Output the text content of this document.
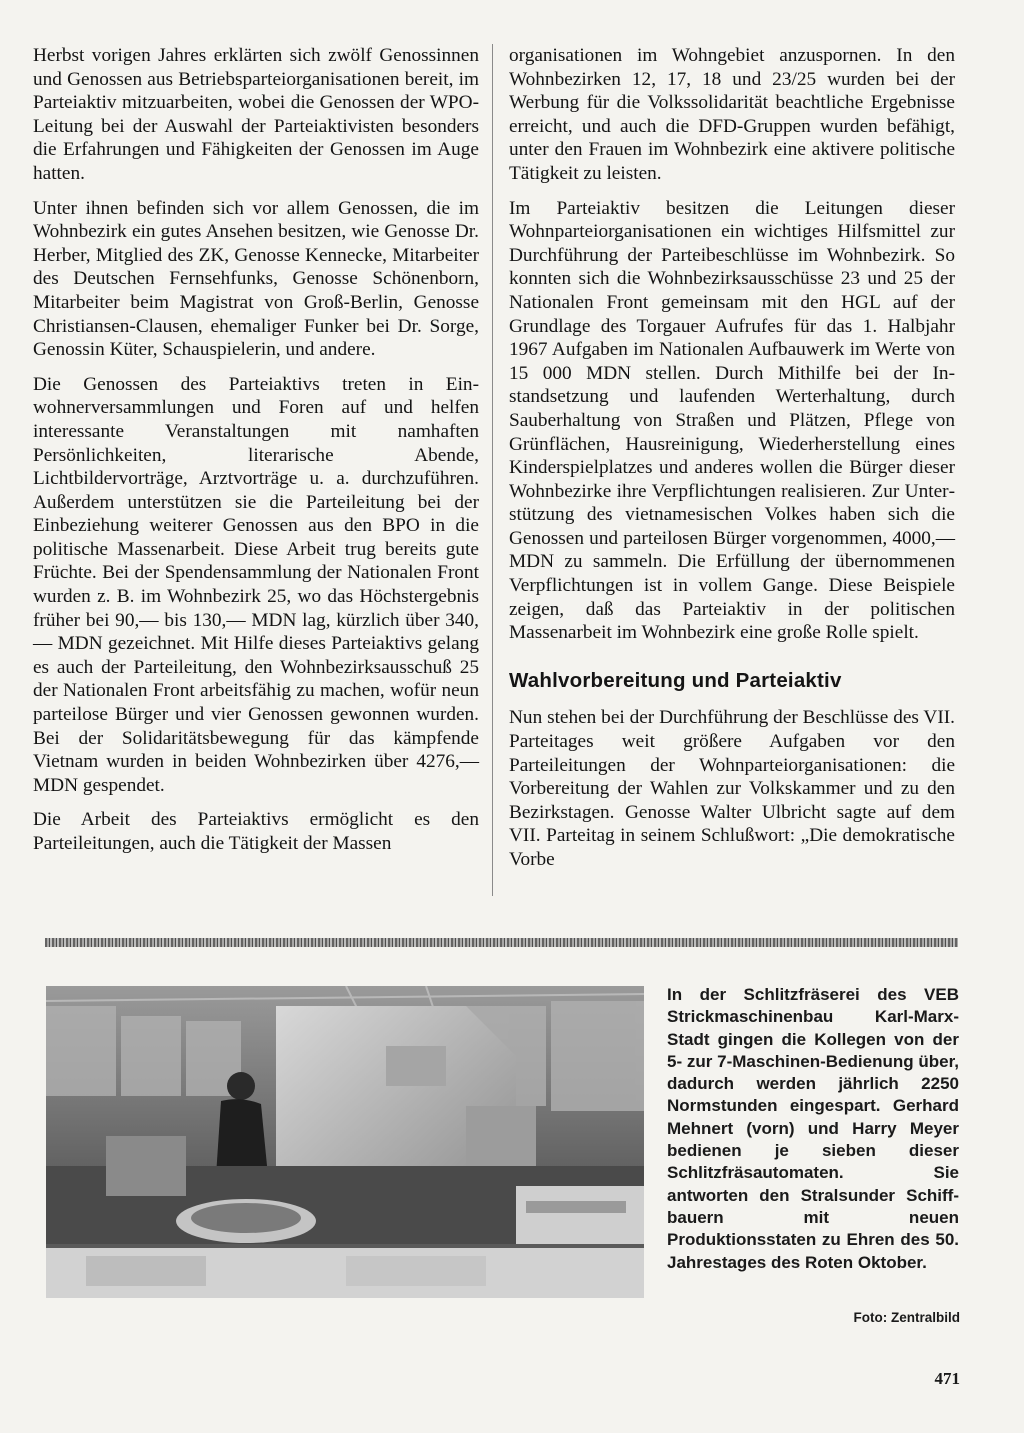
Herbst vorigen Jahres erklärten sich zwölf Genossinnen und Genossen aus Betriebsparteiorganisationen bereit, im Parteiaktiv mitzuarbeiten, wobei die Genossen der WPO-Leitung bei der Auswahl der Parteiaktivisten besonders die Erfahrungen und Fähigkeiten der Genossen im Auge hatten.

Unter ihnen befinden sich vor allem Genossen, die im Wohnbezirk ein gutes Ansehen besitzen, wie Genosse Dr. Herber, Mitglied des ZK, Genosse Kennecke, Mitarbeiter des Deutschen Fernsehfunks, Genosse Schönenborn, Mitarbeiter beim Magistrat von Groß-Berlin, Genosse Christiansen-Clausen, ehemaliger Funker bei Dr. Sorge, Genossin Küter, Schauspielerin, und andere.

Die Genossen des Parteiaktivs treten in Einwohnerversammlungen und Foren auf und helfen interessante Veranstaltungen mit namhaften Persönlichkeiten, literarische Abende, Lichtbildervorträge, Arztvorträge u. a. durchzuführen. Außerdem unterstützen sie die Parteileitung bei der Einbeziehung weiterer Genossen aus den BPO in die politische Massenarbeit. Diese Arbeit trug bereits gute Früchte. Bei der Spendensammlung der Nationalen Front wurden z. B. im Wohnbezirk 25, wo das Höchstergebnis früher bei 90,— bis 130,— MDN lag, kürzlich über 340,— MDN gezeichnet. Mit Hilfe dieses Parteiaktivs gelang es auch der Parteileitung, den Wohnbezirksausschuß 25 der Nationalen Front arbeitsfähig zu machen, wofür neun parteilose Bürger und vier Genossen gewonnen wurden. Bei der Solidaritätsbewegung für das kämpfende Vietnam wurden in beiden Wohnbezirken über 4276,— MDN gespendet.

Die Arbeit des Parteiaktivs ermöglicht es den Parteileitungen, auch die Tätigkeit der Massen

organisationen im Wohngebiet anzuspornen. In den Wohnbezirken 12, 17, 18 und 23/25 wurden bei der Werbung für die Volkssolidarität beachtliche Ergebnisse erreicht, und auch die DFD-Gruppen wurden befähigt, unter den Frauen im Wohnbezirk eine aktivere politische Tätigkeit zu leisten.

Im Parteiaktiv besitzen die Leitungen dieser Wohnparteiorganisationen ein wichtiges Hilfsmittel zur Durchführung der Parteibeschlüsse im Wohnbezirk. So konnten sich die Wohnbezirksausschüsse 23 und 25 der Nationalen Front gemeinsam mit den HGL auf der Grundlage des Torgauer Aufrufes für das 1. Halbjahr 1967 Aufgaben im Nationalen Aufbauwerk im Werte von 15 000 MDN stellen. Durch Mithilfe bei der Instandsetzung und laufenden Werterhaltung, durch Sauberhaltung von Straßen und Plätzen, Pflege von Grünflächen, Hausreinigung, Wiederherstellung eines Kinderspielplatzes und anderes wollen die Bürger dieser Wohnbezirke ihre Verpflichtungen realisieren. Zur Unterstützung des vietnamesischen Volkes haben sich die Genossen und parteilosen Bürger vorgenommen, 4000,— MDN zu sammeln. Die Erfüllung der übernommenen Verpflichtungen ist in vollem Gange. Diese Beispiele zeigen, daß das Parteiaktiv in der politischen Massenarbeit im Wohnbezirk eine große Rolle spielt.

Wahlvorbereitung und Parteiaktiv

Nun stehen bei der Durchführung der Beschlüsse des VII. Parteitages weit größere Aufgaben vor den Parteileitungen der Wohnparteiorganisationen: die Vorbereitung der Wahlen zur Volkskammer und zu den Bezirkstagen. Genosse Walter Ulbricht sagte auf dem VII. Parteitag in seinem Schlußwort: „Die demokratische Vorbe

In der Schlitzfräserei des VEB Strickmaschinenbau Karl-Marx-Stadt gingen die Kollegen von der 5- zur 7-Maschinen-Bedienung über, dadurch werden jährlich 2250 Normstunden eingespart. Gerhard Mehnert (vorn) und Harry Meyer bedienen je sieben dieser Schlitzfräsautomaten. Sie antworten den Stralsunder Schiffbauern mit neuen Produktionsstaten zu Ehren des 50. Jahrestages des Roten Oktober.
Foto: Zentralbild
471
